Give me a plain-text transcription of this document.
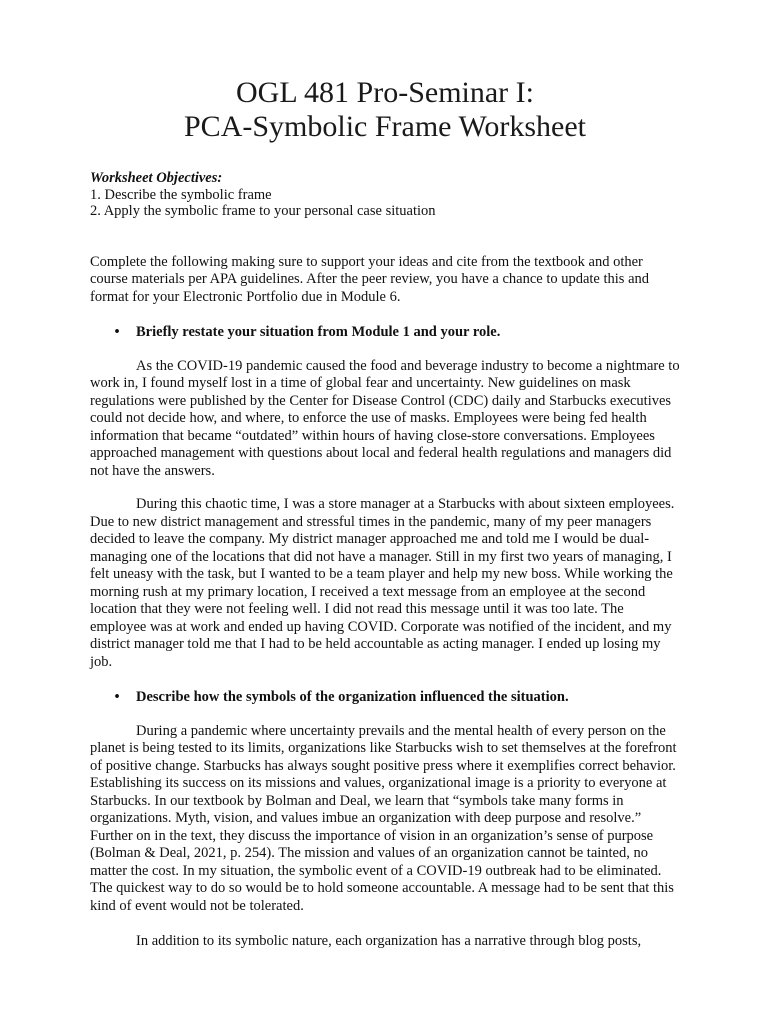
OGL 481 Pro-Seminar I:
PCA-Symbolic Frame Worksheet
Worksheet Objectives:
1. Describe the symbolic frame
2. Apply the symbolic frame to your personal case situation

Complete the following making sure to support your ideas and cite from the textbook and other course materials per APA guidelines. After the peer review, you have a chance to update this and format for your Electronic Portfolio due in Module 6.

•	Briefly restate your situation from Module 1 and your role.

As the COVID-19 pandemic caused the food and beverage industry to become a nightmare to work in, I found myself lost in a time of global fear and uncertainty. New guidelines on mask regulations were published by the Center for Disease Control (CDC) daily and Starbucks executives could not decide how, and where, to enforce the use of masks. Employees were being fed health information that became “outdated” within hours of having close-store conversations. Employees approached management with questions about local and federal health regulations and managers did not have the answers.

During this chaotic time, I was a store manager at a Starbucks with about sixteen employees. Due to new district management and stressful times in the pandemic, many of my peer managers decided to leave the company. My district manager approached me and told me I would be dual-managing one of the locations that did not have a manager. Still in my first two years of managing, I felt uneasy with the task, but I wanted to be a team player and help my new boss. While working the morning rush at my primary location, I received a text message from an employee at the second location that they were not feeling well. I did not read this message until it was too late. The employee was at work and ended up having COVID. Corporate was notified of the incident, and my district manager told me that I had to be held accountable as acting manager. I ended up losing my job.

•	Describe how the symbols of the organization influenced the situation.

During a pandemic where uncertainty prevails and the mental health of every person on the planet is being tested to its limits, organizations like Starbucks wish to set themselves at the forefront of positive change. Starbucks has always sought positive press where it exemplifies correct behavior. Establishing its success on its missions and values, organizational image is a priority to everyone at Starbucks. In our textbook by Bolman and Deal, we learn that “symbols take many forms in organizations. Myth, vision, and values imbue an organization with deep purpose and resolve.” Further on in the text, they discuss the importance of vision in an organization’s sense of purpose (Bolman & Deal, 2021, p. 254). The mission and values of an organization cannot be tainted, no matter the cost. In my situation, the symbolic event of a COVID-19 outbreak had to be eliminated. The quickest way to do so would be to hold someone accountable. A message had to be sent that this kind of event would not be tolerated.

In addition to its symbolic nature, each organization has a narrative through blog posts,
